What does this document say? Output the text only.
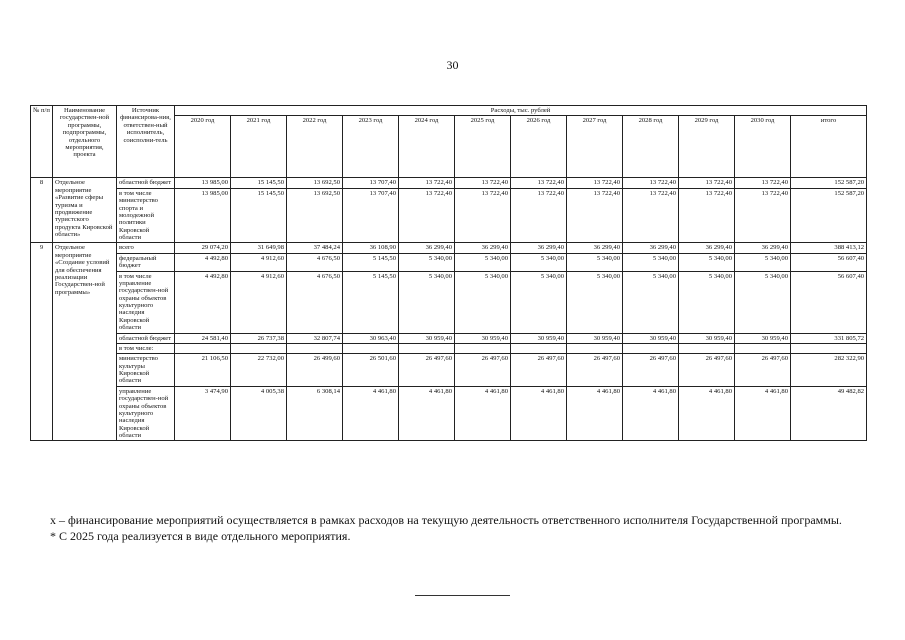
30
№ п/п	Наименование государствен-ной программы, подпрограммы, отдельного мероприятия, проекта	Источник финансирова-ния, ответствен-ный исполнитель, соисполни-тель	Расходы, тыс. рублей											
			2020 год	2021 год	2022 год	2023 год	2024 год	2025 год	2026 год	2027 год	2028 год	2029 год	2030 год	итого
8	Отдельное мероприятие «Развитие сферы туризма и продвижение туристского продукта Кировской области»	областной бюджет	13 985,00	15 145,50	13 692,50	13 707,40	13 722,40	13 722,40	13 722,40	13 722,40	13 722,40	13 722,40	13 722,40	152 587,20
		в том числе министерство спорта и молодежной политики Кировской области	13 985,00	15 145,50	13 692,50	13 707,40	13 722,40	13 722,40	13 722,40	13 722,40	13 722,40	13 722,40	13 722,40	152 587,20
9	Отдельное мероприятие «Создание условий для обеспечения реализации Государствен-ной программы»	всего	29 074,20	31 649,98	37 484,24	36 108,90	36 299,40	36 299,40	36 299,40	36 299,40	36 299,40	36 299,40	36 299,40	388 413,12
		федеральный бюджет	4 492,80	4 912,60	4 676,50	5 145,50	5 340,00	5 340,00	5 340,00	5 340,00	5 340,00	5 340,00	5 340,00	56 607,40
		в том числе управление государствен-ной охраны объектов культурного наследия Кировской области	4 492,80	4 912,60	4 676,50	5 145,50	5 340,00	5 340,00	5 340,00	5 340,00	5 340,00	5 340,00	5 340,00	56 607,40
		областной бюджет	24 581,40	26 737,38	32 807,74	30 963,40	30 959,40	30 959,40	30 959,40	30 959,40	30 959,40	30 959,40	30 959,40	331 805,72
		в том числе:												
		министерство культуры Кировской области	21 106,50	22 732,00	26 499,60	26 501,60	26 497,60	26 497,60	26 497,60	26 497,60	26 497,60	26 497,60	26 497,60	282 322,90
		управление государствен-ной охраны объектов культурного наследия Кировской области	3 474,90	4 005,38	6 308,14	4 461,80	4 461,80	4 461,80	4 461,80	4 461,80	4 461,80	4 461,80	4 461,80	49 482,82

х – финансирование мероприятий осуществляется в рамках расходов на текущую деятельность ответственного исполнителя Государственной программы.

* С 2025 года реализуется в виде отдельного мероприятия.
